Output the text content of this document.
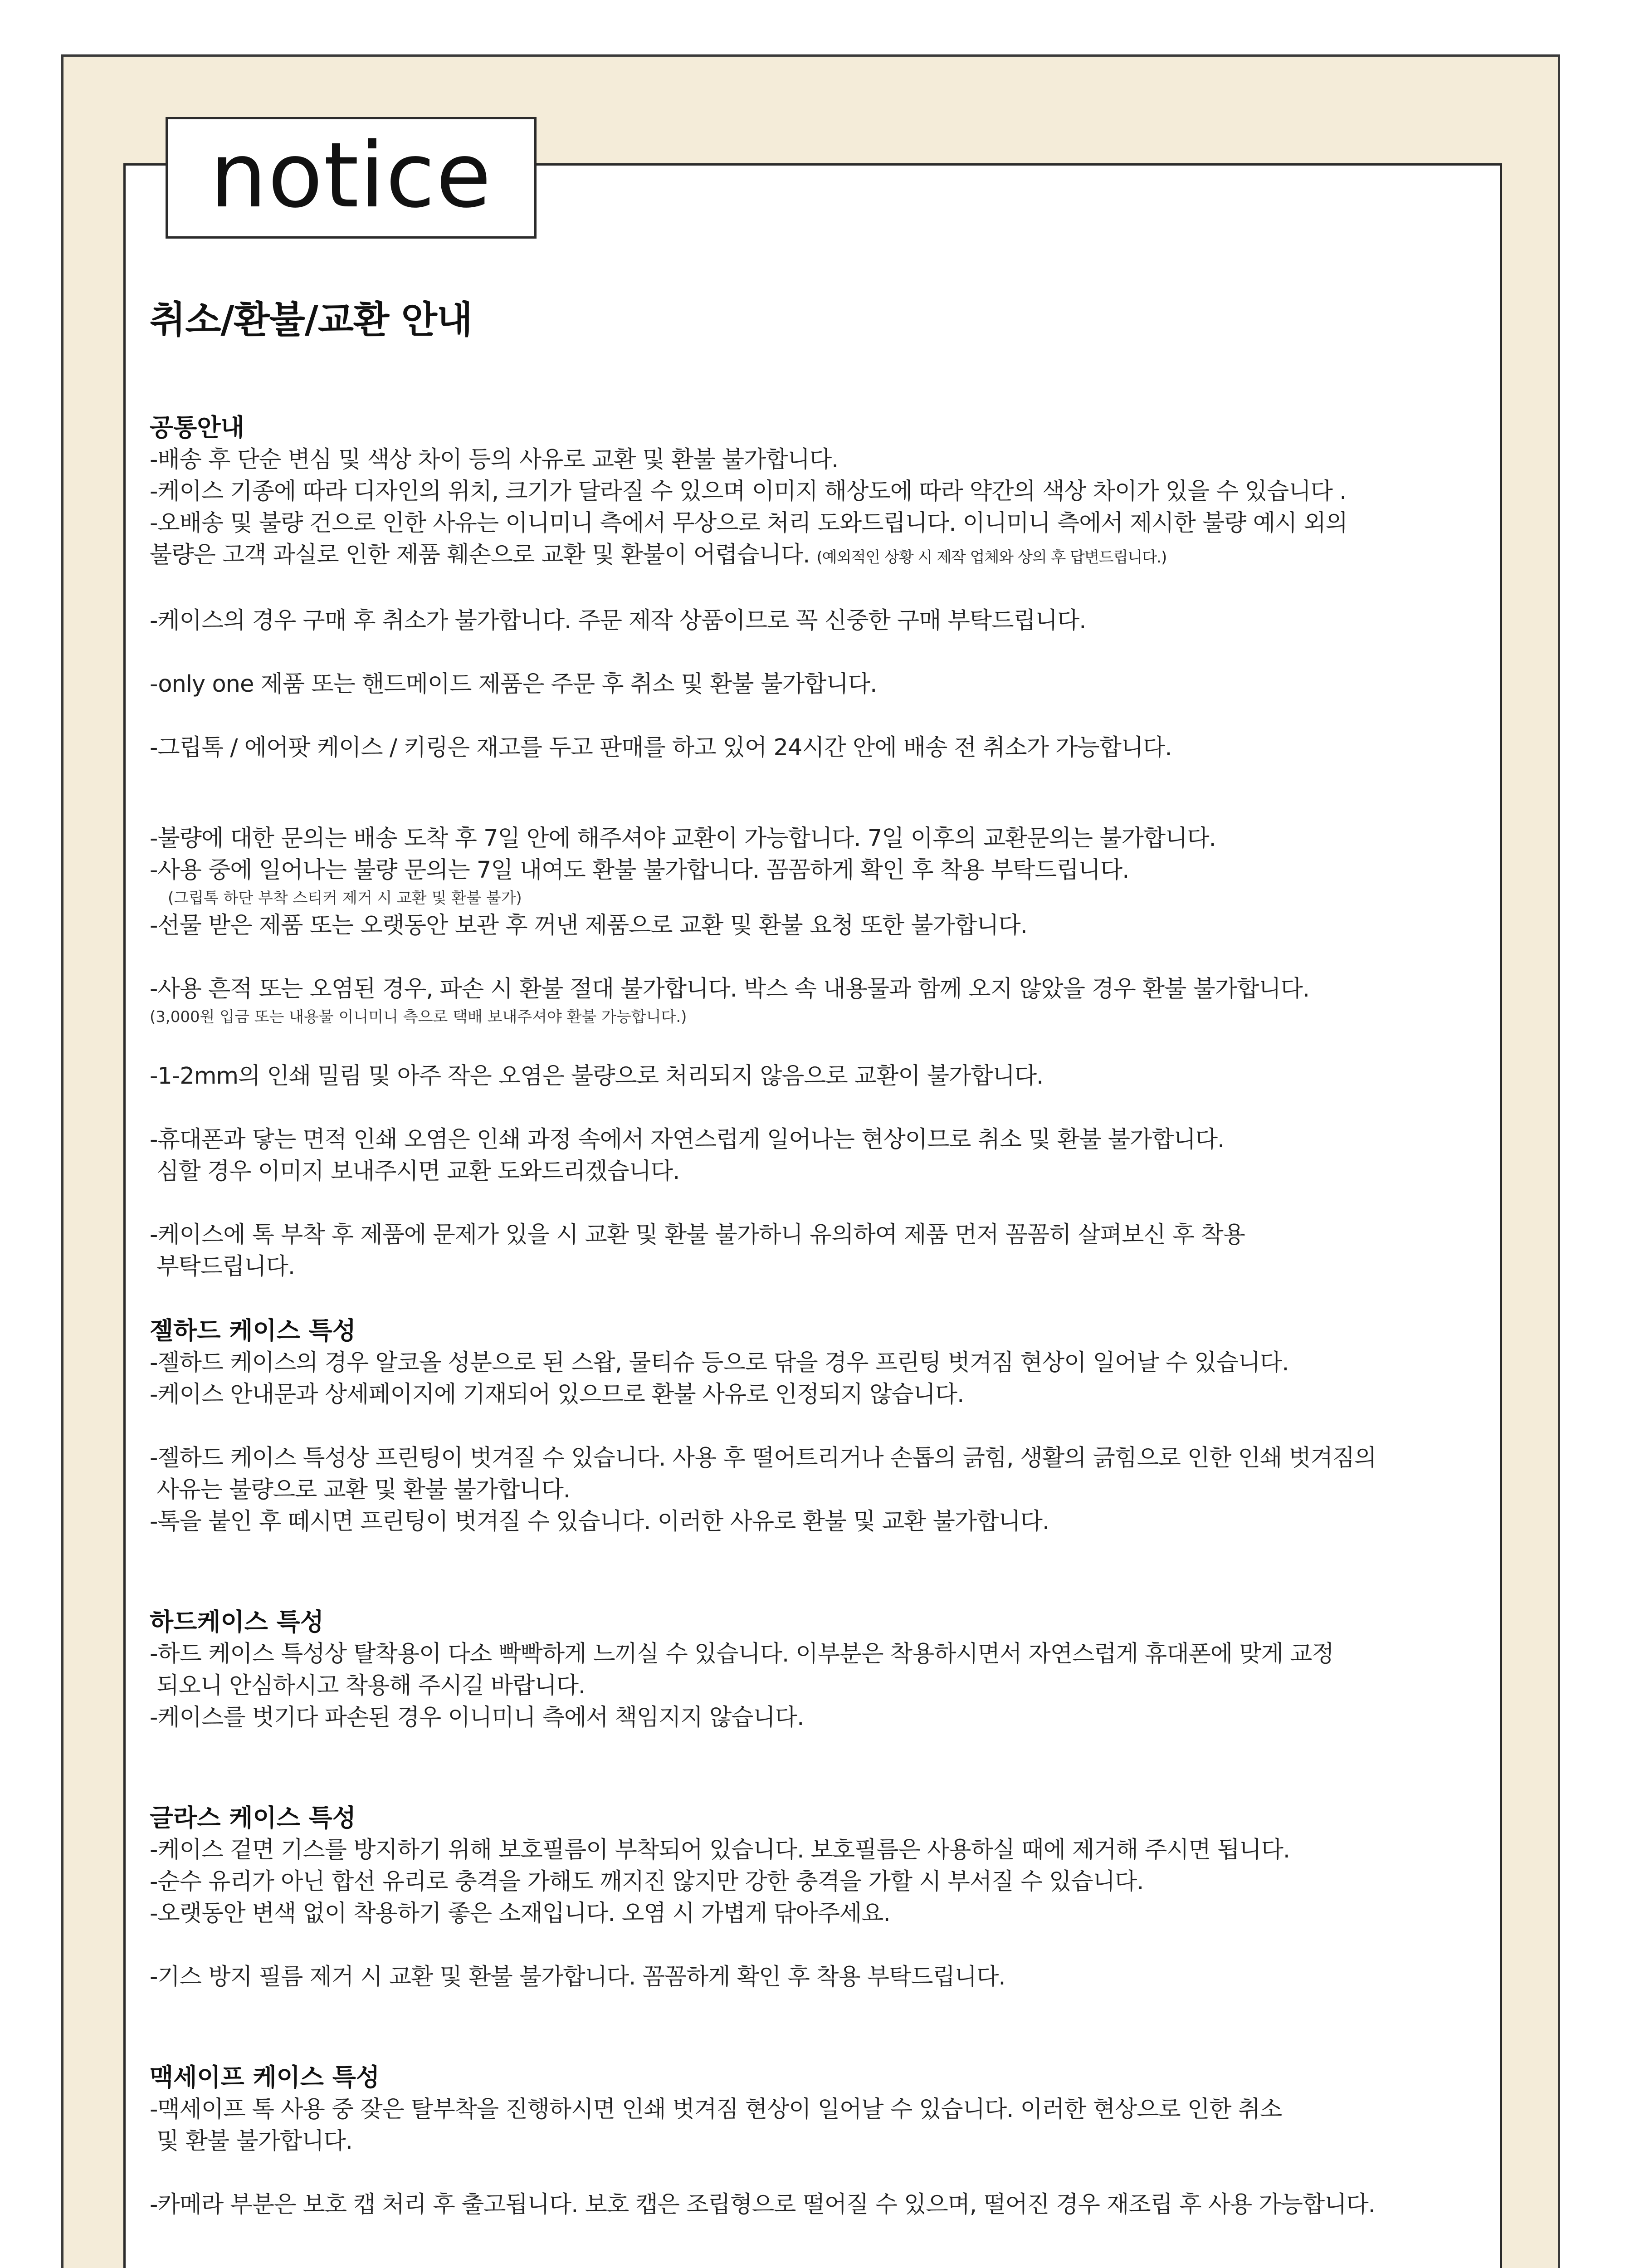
notice
취소/환불/교환 안내

공통안내

-배송 후 단순 변심 및 색상 차이 등의 사유로 교환 및 환불 불가합니다.

-케이스 기종에 따라 디자인의 위치, 크기가 달라질 수 있으며 이미지 해상도에 따라 약간의 색상 차이가 있을 수 있습니다 .

-오배송 및 불량 건으로 인한 사유는 이니미니 측에서 무상으로 처리 도와드립니다. 이니미니 측에서 제시한 불량 예시 외의

불량은 고객 과실로 인한 제품 훼손으로 교환 및 환불이 어렵습니다. (예외적인 상황 시 제작 업체와 상의 후 답변드립니다.)

-케이스의 경우 구매 후 취소가 불가합니다. 주문 제작 상품이므로 꼭 신중한 구매 부탁드립니다.

-only one 제품 또는 핸드메이드 제품은 주문 후 취소 및 환불 불가합니다.

-그립톡 / 에어팟 케이스 / 키링은 재고를 두고 판매를 하고 있어 24시간 안에 배송 전 취소가 가능합니다.

-불량에 대한 문의는 배송 도착 후 7일 안에 해주셔야 교환이 가능합니다. 7일 이후의 교환문의는 불가합니다.

-사용 중에 일어나는 불량 문의는 7일 내여도 환불 불가합니다. 꼼꼼하게 확인 후 착용 부탁드립니다.

(그립톡 하단 부착 스티커 제거 시 교환 및 환불 불가)

-선물 받은 제품 또는 오랫동안 보관 후 꺼낸 제품으로 교환 및 환불 요청 또한 불가합니다.

-사용 흔적 또는 오염된 경우, 파손 시 환불 절대 불가합니다. 박스 속 내용물과 함께 오지 않았을 경우 환불 불가합니다.

(3,000원 입금 또는 내용물 이니미니 측으로 택배 보내주셔야 환불 가능합니다.)

-1-2mm의 인쇄 밀림 및 아주 작은 오염은 불량으로 처리되지 않음으로 교환이 불가합니다.

-휴대폰과 닿는 면적 인쇄 오염은 인쇄 과정 속에서 자연스럽게 일어나는 현상이므로 취소 및 환불 불가합니다.

심할 경우 이미지 보내주시면 교환 도와드리겠습니다.

-케이스에 톡 부착 후 제품에 문제가 있을 시 교환 및 환불 불가하니 유의하여 제품 먼저 꼼꼼히 살펴보신 후 착용

부탁드립니다.

젤하드 케이스 특성

-젤하드 케이스의 경우 알코올 성분으로 된 스왑, 물티슈 등으로 닦을 경우 프린팅 벗겨짐 현상이 일어날 수 있습니다.

-케이스 안내문과 상세페이지에 기재되어 있으므로 환불 사유로 인정되지 않습니다.

-젤하드 케이스 특성상 프린팅이 벗겨질 수 있습니다. 사용 후 떨어트리거나 손톱의 긁힘, 생활의 긁힘으로 인한 인쇄 벗겨짐의

사유는 불량으로 교환 및 환불 불가합니다.

-톡을 붙인 후 떼시면 프린팅이 벗겨질 수 있습니다. 이러한 사유로 환불 및 교환 불가합니다.

하드케이스 특성

-하드 케이스 특성상 탈착용이 다소 빡빡하게 느끼실 수 있습니다. 이부분은 착용하시면서 자연스럽게 휴대폰에 맞게 교정

되오니 안심하시고 착용해 주시길 바랍니다.

-케이스를 벗기다 파손된 경우 이니미니 측에서 책임지지 않습니다.

글라스 케이스 특성

-케이스 겉면 기스를 방지하기 위해 보호필름이 부착되어 있습니다. 보호필름은 사용하실 때에 제거해 주시면 됩니다.

-순수 유리가 아닌 합선 유리로 충격을 가해도 깨지진 않지만 강한 충격을 가할 시 부서질 수 있습니다.

-오랫동안 변색 없이 착용하기 좋은 소재입니다. 오염 시 가볍게 닦아주세요.

-기스 방지 필름 제거 시 교환 및 환불 불가합니다. 꼼꼼하게 확인 후 착용 부탁드립니다.

맥세이프 케이스 특성

-맥세이프 톡 사용 중 잦은 탈부착을 진행하시면 인쇄 벗겨짐 현상이 일어날 수 있습니다. 이러한 현상으로 인한 취소

및 환불 불가합니다.

-카메라 부분은 보호 캡 처리 후 출고됩니다. 보호 캡은 조립형으로 떨어질 수 있으며, 떨어진 경우 재조립 후 사용 가능합니다.
